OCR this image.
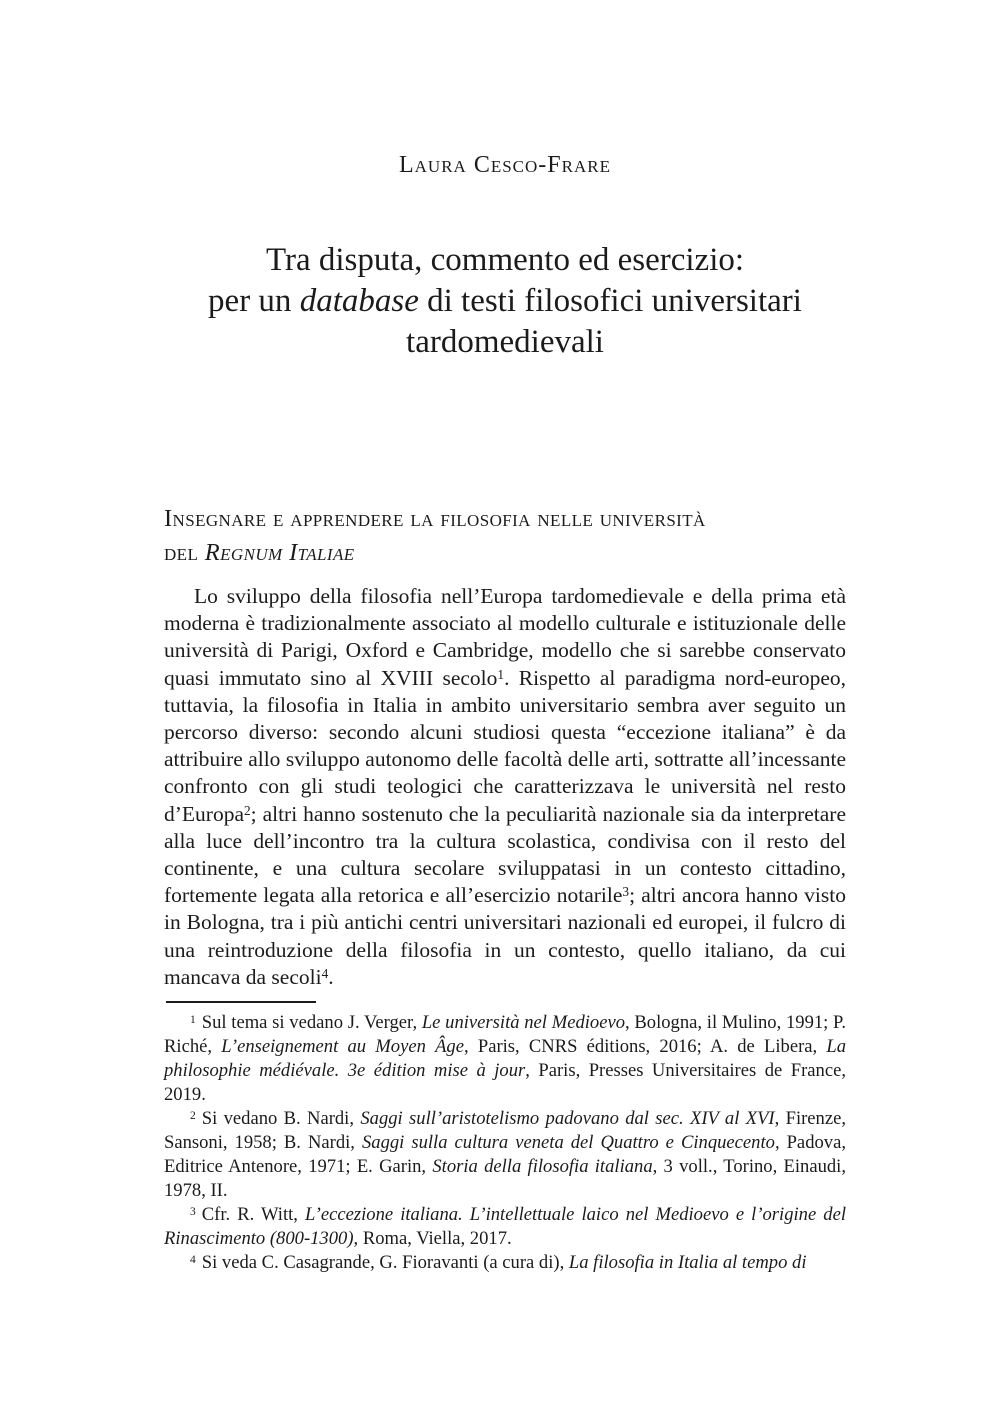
Laura Cesco-Frare
Tra disputa, commento ed esercizio:
per un database di testi filosofici universitari
tardomedievali
Insegnare e apprendere la filosofia nelle università
del Regnum Italiae

Lo sviluppo della filosofia nell’Europa tardomedievale e della prima età moderna è tradizionalmente associato al modello culturale e istituzionale delle università di Parigi, Oxford e Cambridge, modello che si sarebbe conservato quasi immutato sino al XVIII secolo$^1$. Rispetto al paradigma nord-europeo, tuttavia, la filosofia in Italia in ambito universitario sembra aver seguito un percorso diverso: secondo alcuni studiosi questa “eccezione italiana” è da attribuire allo sviluppo autonomo delle facoltà delle arti, sottratte all’incessante confronto con gli studi teologici che caratterizzava le università nel resto d’Europa$^2$; altri hanno sostenuto che la peculiarità nazionale sia da interpretare alla luce dell’incontro tra la cultura scolastica, condivisa con il resto del continente, e una cultura secolare sviluppatasi in un contesto cittadino, fortemente legata alla retorica e all’esercizio notarile$^3$; altri ancora hanno visto in Bologna, tra i più antichi centri universitari nazionali ed europei, il fulcro di una reintroduzione della filosofia in un contesto, quello italiano, da cui mancava da secoli$^4$.

$^1$ Sul tema si vedano J. Verger, Le università nel Medioevo, Bologna, il Mulino, 1991; P. Riché, L’enseignement au Moyen Âge, Paris, CNRS éditions, 2016; A. de Libera, La philosophie médiévale. 3e édition mise à jour, Paris, Presses Universitaires de France, 2019.

$^2$ Si vedano B. Nardi, Saggi sull’aristotelismo padovano dal sec. XIV al XVI, Firenze, Sansoni, 1958; B. Nardi, Saggi sulla cultura veneta del Quattro e Cinquecento, Padova, Editrice Antenore, 1971; E. Garin, Storia della filosofia italiana, 3 voll., Torino, Einaudi, 1978, II.

$^3$ Cfr. R. Witt, L’eccezione italiana. L’intellettuale laico nel Medioevo e l’origine del Rinascimento (800-1300), Roma, Viella, 2017.

$^4$ Si veda C. Casagrande, G. Fioravanti (a cura di), La filosofia in Italia al tempo di
